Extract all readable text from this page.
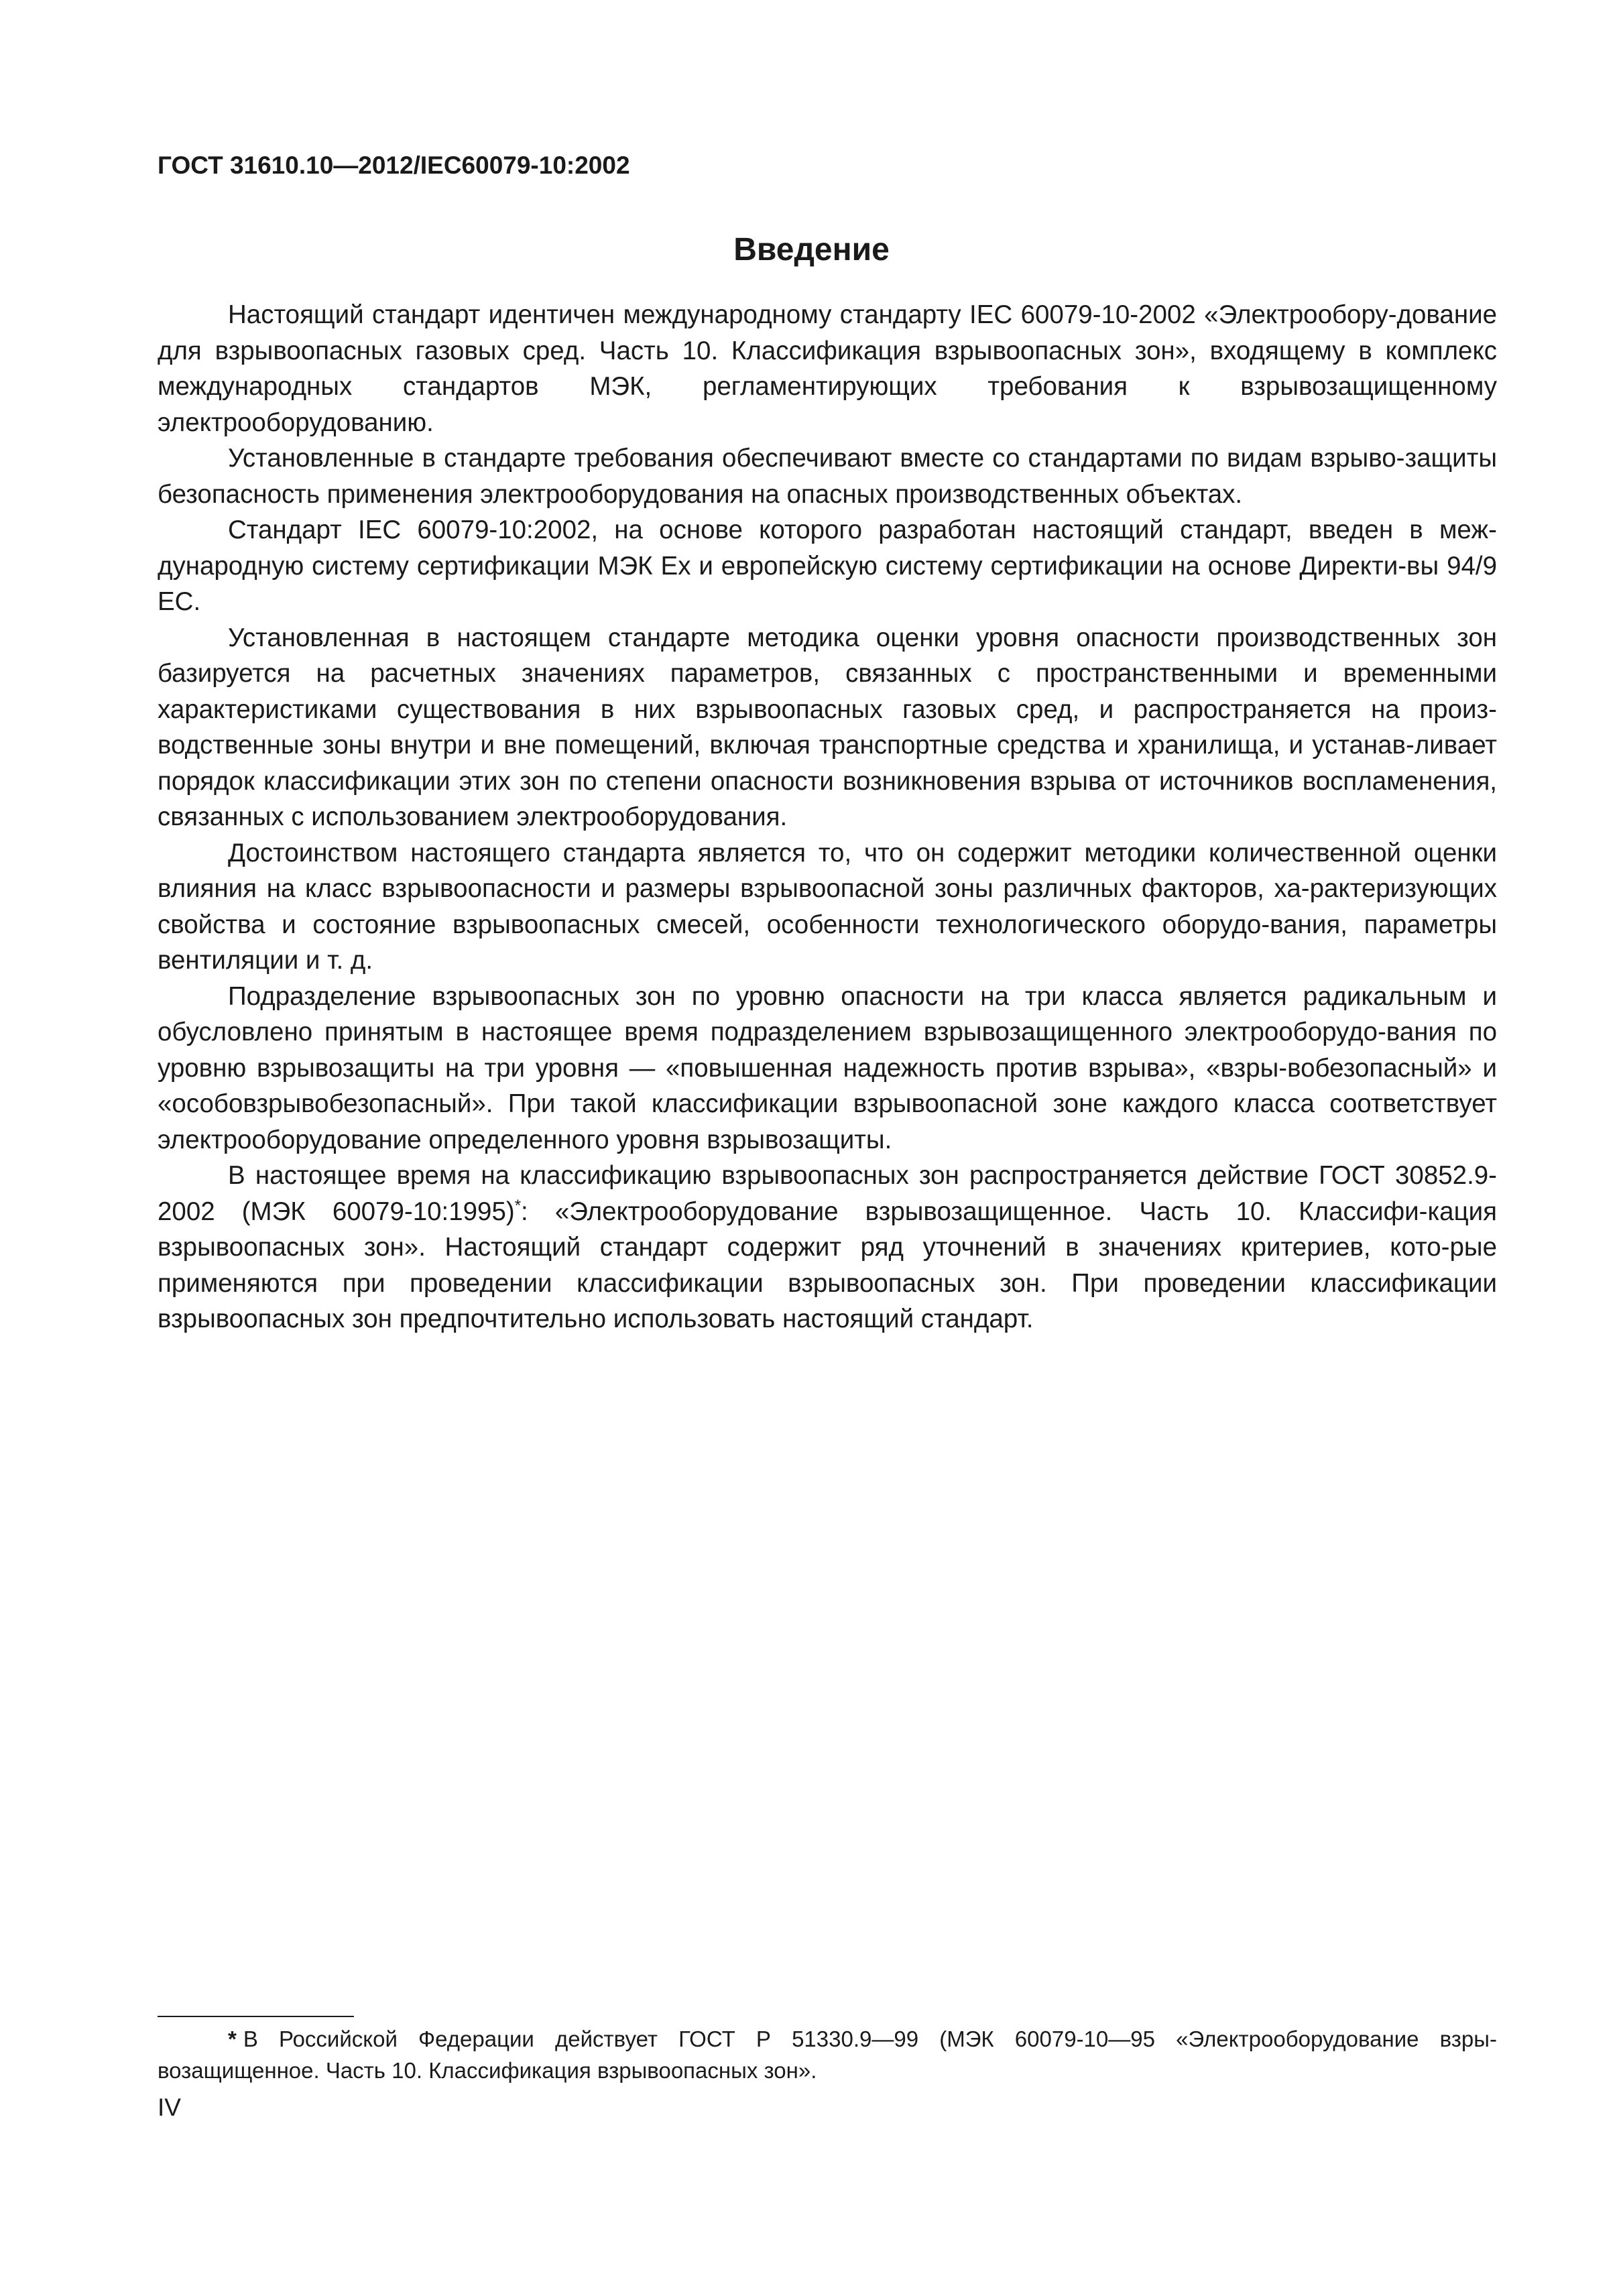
ГОСТ 31610.10—2012/IEC60079-10:2002
Введение

Настоящий стандарт идентичен международному стандарту IEC 60079-10-2002 «Электрообору-дование для взрывоопасных газовых сред. Часть 10. Классификация взрывоопасных зон», входящему в комплекс международных стандартов МЭК, регламентирующих требования к взрывозащищенному электрооборудованию.

Установленные в стандарте требования обеспечивают вместе со стандартами по видам взрыво-защиты безопасность применения электрооборудования на опасных производственных объектах.

Стандарт IEC 60079-10:2002, на основе которого разработан настоящий стандарт, введен в меж-дународную систему сертификации МЭК Ex и европейскую систему сертификации на основе Директи-вы 94/9 ЕС.

Установленная в настоящем стандарте методика оценки уровня опасности производственных зон базируется на расчетных значениях параметров, связанных с пространственными и временными характеристиками существования в них взрывоопасных газовых сред, и распространяется на произ-водственные зоны внутри и вне помещений, включая транспортные средства и хранилища, и устанав-ливает порядок классификации этих зон по степени опасности возникновения взрыва от источников воспламенения, связанных с использованием электрооборудования.

Достоинством настоящего стандарта является то, что он содержит методики количественной оценки влияния на класс взрывоопасности и размеры взрывоопасной зоны различных факторов, ха-рактеризующих свойства и состояние взрывоопасных смесей, особенности технологического оборудо-вания, параметры вентиляции и т. д.

Подразделение взрывоопасных зон по уровню опасности на три класса является радикальным и обусловлено принятым в настоящее время подразделением взрывозащищенного электрооборудо-вания по уровню взрывозащиты на три уровня — «повышенная надежность против взрыва», «взры-вобезопасный» и «особовзрывобезопасный». При такой классификации взрывоопасной зоне каждого класса соответствует электрооборудование определенного уровня взрывозащиты.

В настоящее время на классификацию взрывоопасных зон распространяется действие ГОСТ 30852.9-2002 (МЭК 60079-10:1995)*: «Электрооборудование взрывозащищенное. Часть 10. Классифи-кация взрывоопасных зон». Настоящий стандарт содержит ряд уточнений в значениях критериев, кото-рые применяются при проведении классификации взрывоопасных зон. При проведении классификации взрывоопасных зон предпочтительно использовать настоящий стандарт.

* В Российской Федерации действует ГОСТ Р 51330.9—99 (МЭК 60079-10—95 «Электрооборудование взры-возащищенное. Часть 10. Классификация взрывоопасных зон».

IV
